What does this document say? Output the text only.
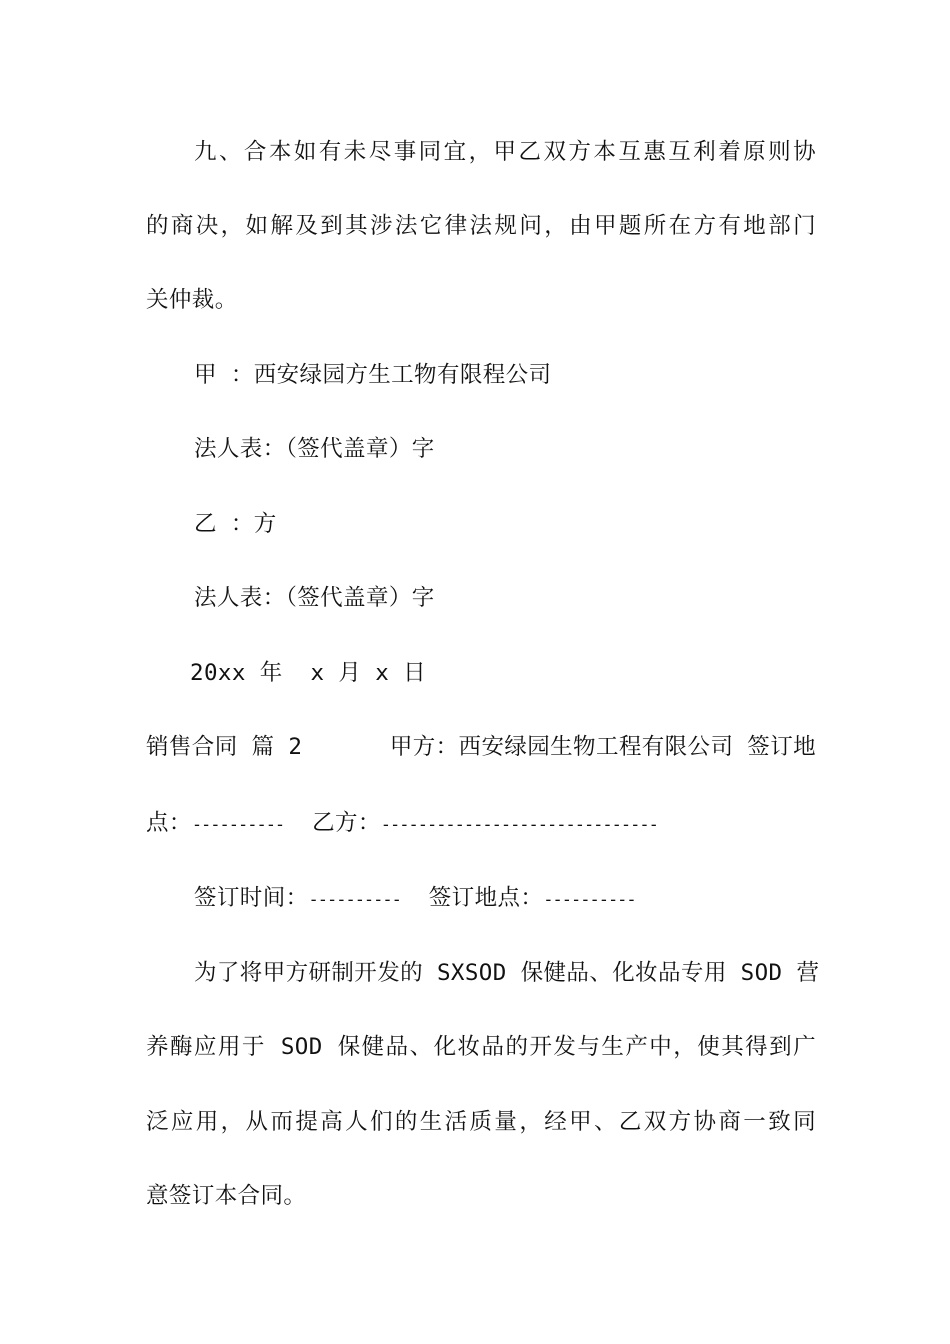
九、合本如有未尽事同宜，甲乙双方本互惠互利着原则协
的商决，如解及到其涉法它律法规问，由甲题所在方有地部门
关仲裁。
甲 ：西安绿园方生工物有限程公司
法人表：（签代盖章）字
乙 ：方
法人表：（签代盖章）字
20xx 年  x 月 x 日
销售合同 篇 2	甲方：西安绿园生物工程有限公司 签订地
点：---------- 乙方：------------------------------
签订时间：---------- 签订地点：----------
为了将甲方研制开发的 SXSOD 保健品、化妆品专用 SOD 营
养酶应用于 SOD 保健品、化妆品的开发与生产中，使其得到广
泛应用，从而提高人们的生活质量，经甲、乙双方协商一致同
意签订本合同。
